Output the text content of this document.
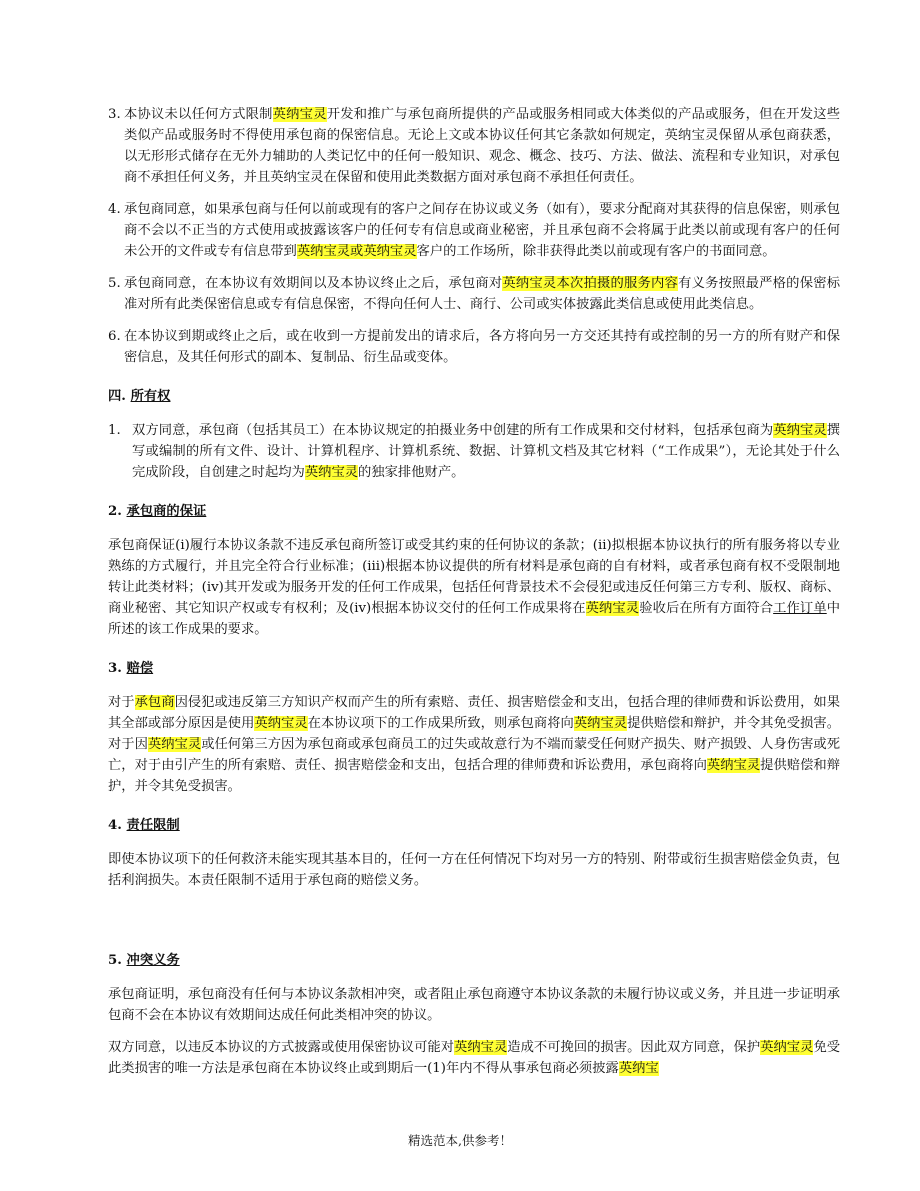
3. 本协议未以任何方式限制英纳宝灵开发和推广与承包商所提供的产品或服务相同或大体类似的产品或服务，但在开发这些类似产品或服务时不得使用承包商的保密信息。无论上文或本协议任何其它条款如何规定，英纳宝灵保留从承包商获悉，以无形形式储存在无外力辅助的人类记忆中的任何一般知识、观念、概念、技巧、方法、做法、流程和专业知识，对承包商不承担任何义务，并且英纳宝灵在保留和使用此类数据方面对承包商不承担任何责任。
4. 承包商同意，如果承包商与任何以前或现有的客户之间存在协议或义务（如有），要求分配商对其获得的信息保密，则承包商不会以不正当的方式使用或披露该客户的任何专有信息或商业秘密，并且承包商不会将属于此类以前或现有客户的任何未公开的文件或专有信息带到英纳宝灵或英纳宝灵客户的工作场所，除非获得此类以前或现有客户的书面同意。
5. 承包商同意，在本协议有效期间以及本协议终止之后，承包商对英纳宝灵本次拍摄的服务内容有义务按照最严格的保密标准对所有此类保密信息或专有信息保密，不得向任何人士、商行、公司或实体披露此类信息或使用此类信息。
6. 在本协议到期或终止之后，或在收到一方提前发出的请求后，各方将向另一方交还其持有或控制的另一方的所有财产和保密信息，及其任何形式的副本、复制品、衍生品或变体。
四. 所有权
1. 双方同意，承包商（包括其员工）在本协议规定的拍摄业务中创建的所有工作成果和交付材料，包括承包商为英纳宝灵撰写或编制的所有文件、设计、计算机程序、计算机系统、数据、计算机文档及其它材料（“工作成果”），无论其处于什么完成阶段，自创建之时起均为英纳宝灵的独家排他财产。
2. 承包商的保证
承包商保证(i)履行本协议条款不违反承包商所签订或受其约束的任何协议的条款；(ii)拟根据本协议执行的所有服务将以专业熟练的方式履行，并且完全符合行业标准；(iii)根据本协议提供的所有材料是承包商的自有材料，或者承包商有权不受限制地转让此类材料；(iv)其开发或为服务开发的任何工作成果，包括任何背景技术不会侵犯或违反任何第三方专利、版权、商标、商业秘密、其它知识产权或专有权利；及(iv)根据本协议交付的任何工作成果将在英纳宝灵验收后在所有方面符合工作订单中所述的该工作成果的要求。
3. 赔偿
对于承包商因侵犯或违反第三方知识产权而产生的所有索赔、责任、损害赔偿金和支出，包括合理的律师费和诉讼费用，如果其全部或部分原因是使用英纳宝灵在本协议项下的工作成果所致，则承包商将向英纳宝灵提供赔偿和辩护，并令其免受损害。对于因英纳宝灵或任何第三方因为承包商或承包商员工的过失或故意行为不端而蒙受任何财产损失、财产损毁、人身伤害或死亡，对于由引产生的所有索赔、责任、损害赔偿金和支出，包括合理的律师费和诉讼费用，承包商将向英纳宝灵提供赔偿和辩护，并令其免受损害。
4. 责任限制
即使本协议项下的任何救济未能实现其基本目的，任何一方在任何情况下均对另一方的特别、附带或衍生损害赔偿金负责，包括利润损失。本责任限制不适用于承包商的赔偿义务。
5. 冲突义务
承包商证明，承包商没有任何与本协议条款相冲突，或者阻止承包商遵守本协议条款的未履行协议或义务，并且进一步证明承包商不会在本协议有效期间达成任何此类相冲突的协议。
双方同意，以违反本协议的方式披露或使用保密协议可能对英纳宝灵造成不可挽回的损害。因此双方同意，保护英纳宝灵免受此类损害的唯一方法是承包商在本协议终止或到期后一(1)年内不得从事承包商必须披露英纳宝
精选范本,供参考！
